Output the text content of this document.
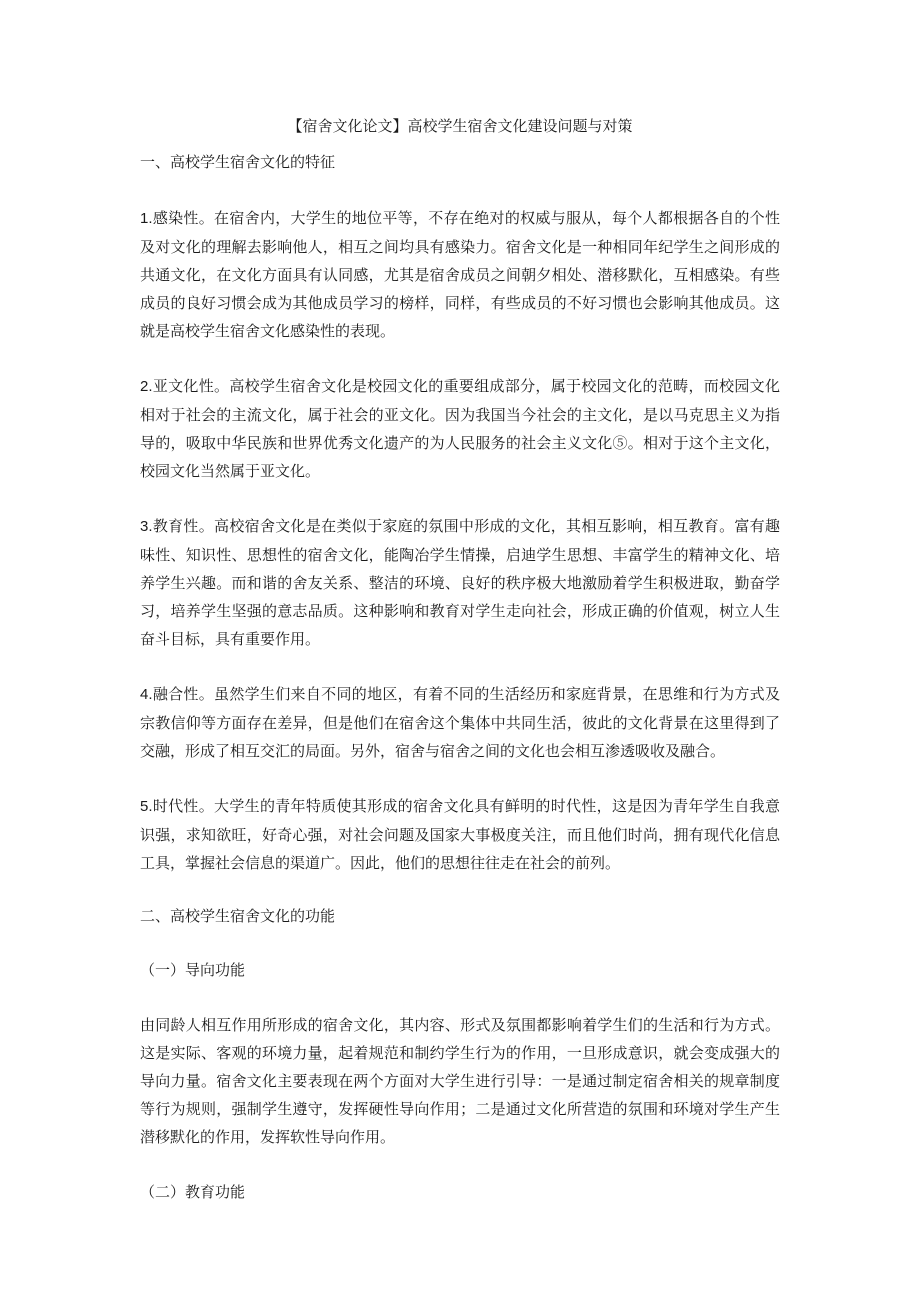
【宿舍文化论文】高校学生宿舍文化建设问题与对策
一、高校学生宿舍文化的特征
1.感染性。在宿舍内，大学生的地位平等，不存在绝对的权威与服从，每个人都根据各自的个性及对文化的理解去影响他人，相互之间均具有感染力。宿舍文化是一种相同年纪学生之间形成的共通文化，在文化方面具有认同感，尤其是宿舍成员之间朝夕相处、潜移默化，互相感染。有些成员的良好习惯会成为其他成员学习的榜样，同样，有些成员的不好习惯也会影响其他成员。这就是高校学生宿舍文化感染性的表现。
2.亚文化性。高校学生宿舍文化是校园文化的重要组成部分，属于校园文化的范畴，而校园文化相对于社会的主流文化，属于社会的亚文化。因为我国当今社会的主文化，是以马克思主义为指导的，吸取中华民族和世界优秀文化遗产的为人民服务的社会主义文化⑤。相对于这个主文化，校园文化当然属于亚文化。
3.教育性。高校宿舍文化是在类似于家庭的氛围中形成的文化，其相互影响，相互教育。富有趣味性、知识性、思想性的宿舍文化，能陶冶学生情操，启迪学生思想、丰富学生的精神文化、培养学生兴趣。而和谐的舍友关系、整洁的环境、良好的秩序极大地激励着学生积极进取，勤奋学习，培养学生坚强的意志品质。这种影响和教育对学生走向社会，形成正确的价值观，树立人生奋斗目标，具有重要作用。
4.融合性。虽然学生们来自不同的地区，有着不同的生活经历和家庭背景，在思维和行为方式及宗教信仰等方面存在差异，但是他们在宿舍这个集体中共同生活，彼此的文化背景在这里得到了交融，形成了相互交汇的局面。另外，宿舍与宿舍之间的文化也会相互渗透吸收及融合。
5.时代性。大学生的青年特质使其形成的宿舍文化具有鲜明的时代性，这是因为青年学生自我意识强，求知欲旺，好奇心强，对社会问题及国家大事极度关注，而且他们时尚，拥有现代化信息工具，掌握社会信息的渠道广。因此，他们的思想往往走在社会的前列。
二、高校学生宿舍文化的功能
（一）导向功能
由同龄人相互作用所形成的宿舍文化，其内容、形式及氛围都影响着学生们的生活和行为方式。这是实际、客观的环境力量，起着规范和制约学生行为的作用，一旦形成意识，就会变成强大的导向力量。宿舍文化主要表现在两个方面对大学生进行引导：一是通过制定宿舍相关的规章制度等行为规则，强制学生遵守，发挥硬性导向作用；二是通过文化所营造的氛围和环境对学生产生潜移默化的作用，发挥软性导向作用。
（二）教育功能
